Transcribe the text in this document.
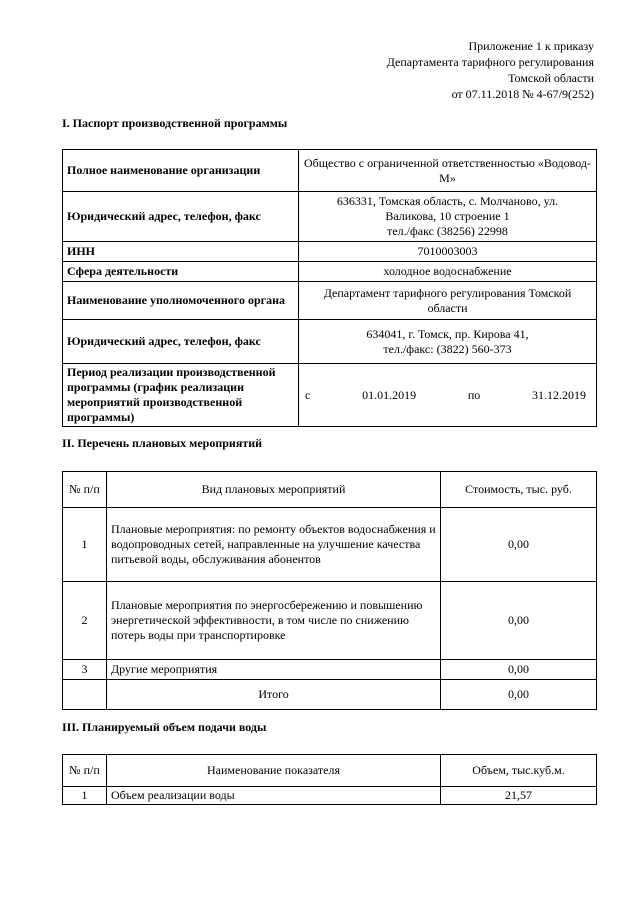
Приложение 1 к приказу
Департамента тарифного регулирования
Томской области
от 07.11.2018 № 4-67/9(252)
I. Паспорт производственной программы
Полное наименование организации	Общество с ограниченной ответственностью «Водовод-М»
Юридический адрес, телефон, факс	636331, Томская область, с. Молчаново, ул.
Валикова, 10 строение 1
тел./факс (38256) 22998

ИНН	7010003003
Сфера деятельности	холодное водоснабжение
Наименование уполномоченного органа	Департамент тарифного регулирования Томской области
Юридический адрес, телефон, факс	634041, г. Томск, пр. Кирова 41,
тел./факс: (3822) 560-373

Период реализации производственной программы (график реализации мероприятий производственной программы)	с 01.01.2019 по 31.12.2019
II. Перечень плановых мероприятий
№ п/п	Вид плановых мероприятий	Стоимость, тыс. руб.
1	Плановые мероприятия: по ремонту объектов водоснабжения и водопроводных сетей, направленные на улучшение качества питьевой воды, обслуживания абонентов	0,00
2	Плановые мероприятия по энергосбережению и повышению энергетической эффективности, в том числе по снижению потерь воды при транспортировке	0,00
3	Другие мероприятия	0,00
	Итого	0,00
III. Планируемый объем подачи воды
№ п/п	Наименование показателя	Объем, тыс.куб.м.
1	Объем реализации воды	21,57
